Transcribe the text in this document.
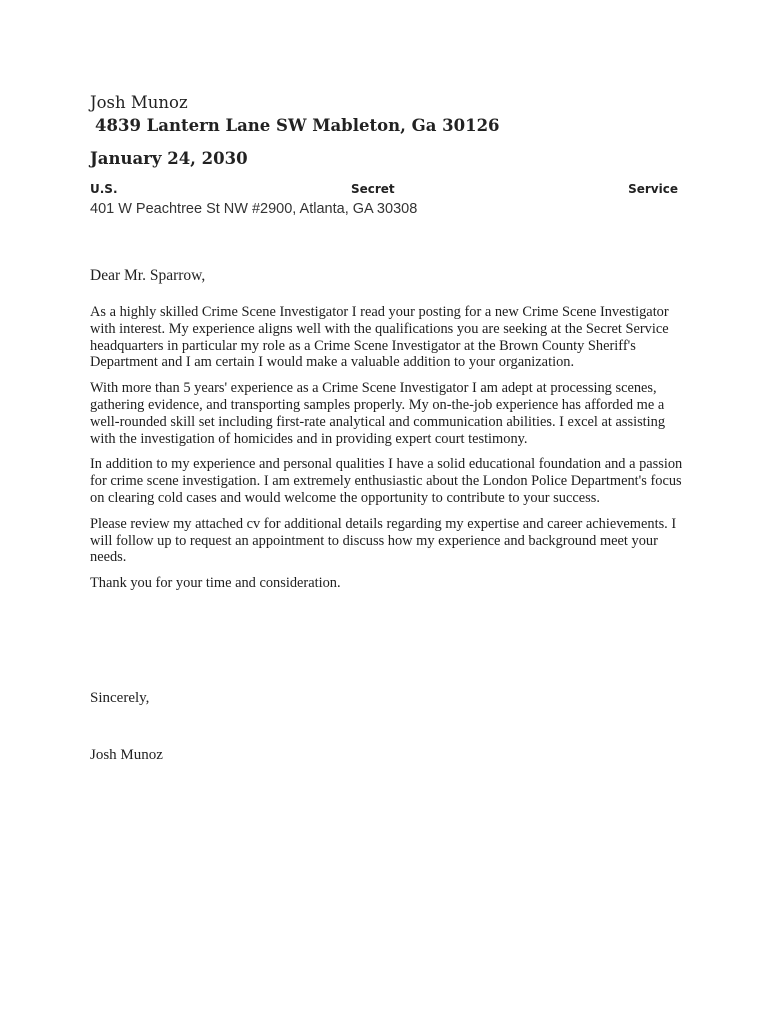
Josh Munoz
4839 Lantern Lane SW Mableton, Ga 30126
January 24, 2030
U.S.	Secret	Service
401 W Peachtree St NW #2900, Atlanta, GA 30308
Dear Mr. Sparrow,

As a highly skilled Crime Scene Investigator I read your posting for a new Crime Scene Investigator with interest. My experience aligns well with the qualifications you are seeking at the Secret Service headquarters in particular my role as a Crime Scene Investigator at the Brown County Sheriff's Department and I am certain I would make a valuable addition to your organization.

With more than 5 years' experience as a Crime Scene Investigator I am adept at processing scenes, gathering evidence, and transporting samples properly. My on-the-job experience has afforded me a well-rounded skill set including first-rate analytical and communication abilities. I excel at assisting with the investigation of homicides and in providing expert court testimony.

In addition to my experience and personal qualities I have a solid educational foundation and a passion for crime scene investigation. I am extremely enthusiastic about the London Police Department's focus on clearing cold cases and would welcome the opportunity to contribute to your success.

Please review my attached cv for additional details regarding my expertise and career achievements. I will follow up to request an appointment to discuss how my experience and background meet your needs.

Thank you for your time and consideration.

Sincerely,
Josh Munoz
